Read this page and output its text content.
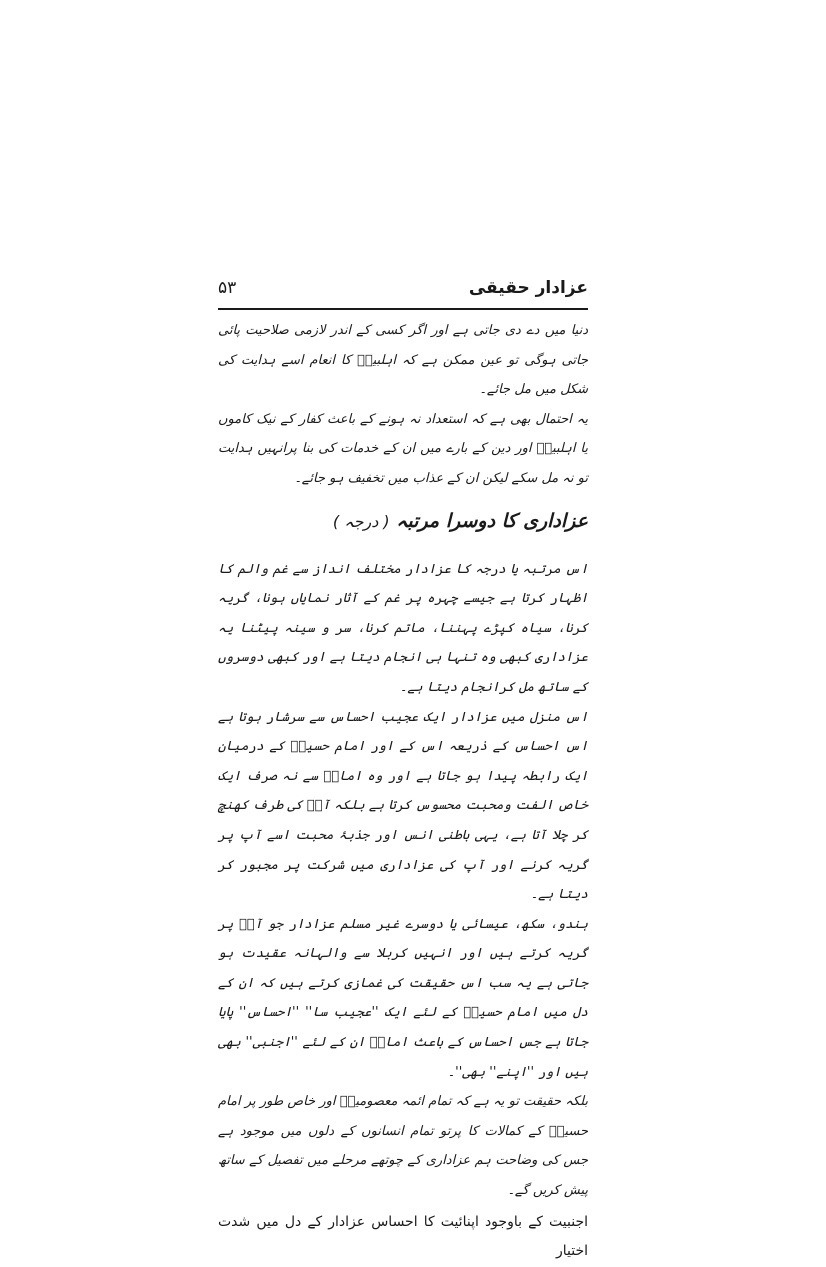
عزادار حقیقی
۵۳

دنیا میں دے دی جاتی ہے اور اگر کسی کے اندر لازمی صلاحیت پائی جاتی ہوگی تو عین ممکن ہے کہ اہلبیتؑ کا انعام اسے ہدایت کی شکل میں مل جائے۔

یہ احتمال بھی ہے کہ استعداد نہ ہونے کے باعث کفار کے نیک کاموں یا اہلبیتؑ اور دین کے بارے میں ان کے خدمات کی بنا پرانہیں ہدایت تو نہ مل سکے لیکن ان کے عذاب میں تخفیف ہو جائے۔

عزاداری کا دوسرا مرتبہ ( درجہ )

اس مرتبہ یا درجہ کا عزادار مختلف انداز سے غم والم کا اظہار کرتا ہے جیسے چہرہ پر غم کے آثار نمایاں ہونا، گریہ کرنا، سیاہ کپڑے پہننا، ماتم کرنا، سر و سینہ پیٹنا یہ عزاداری کبھی وہ تنہا ہی انجام دیتا ہے اور کبھی دوسروں کے ساتھ مل کرانجام دیتا ہے۔

اس منزل میں عزادار ایک عجیب احساس سے سرشار ہوتا ہے اس احساس کے ذریعہ اس کے اور امام حسینؑ کے درمیان ایک رابطہ پیدا ہو جاتا ہے اور وہ امامؑ سے نہ صرف ایک خاص الفت ومحبت محسوس کرتا ہے بلکہ آپؑ کی طرف کھنچ کر چلا آتا ہے، یہی باطنی انس اور جذبۂ محبت اسے آپ پر گریہ کرنے اور آپ کی عزاداری میں شرکت پر مجبور کر دیتا ہے۔

ہندو، سکھ، عیسائی یا دوسرے غیر مسلم عزادار جو آپؑ پر گریہ کرتے ہیں اور انہیں کربلا سے والہانہ عقیدت ہو جاتی ہے یہ سب اس حقیقت کی غمازی کرتے ہیں کہ ان کے دل میں امام حسینؑ کے لئے ایک ''عجیب سا'' ''احساس'' پایا جاتا ہے جس احساس کے باعث امامؑ ان کے لئے ''اجنبی'' بھی ہیں اور ''اپنے'' بھی''۔

بلکہ حقیقت تو یہ ہے کہ تمام ائمہ معصومینؑ اور خاص طور پر امام حسینؑ کے کمالات کا پرتو تمام انسانوں کے دلوں میں موجود ہے جس کی وضاحت ہم عزاداری کے چوتھے مرحلے میں تفصیل کے ساتھ پیش کریں گے۔

اجنبیت کے باوجود اپنائیت کا احساس عزادار کے دل میں شدت اختیار
